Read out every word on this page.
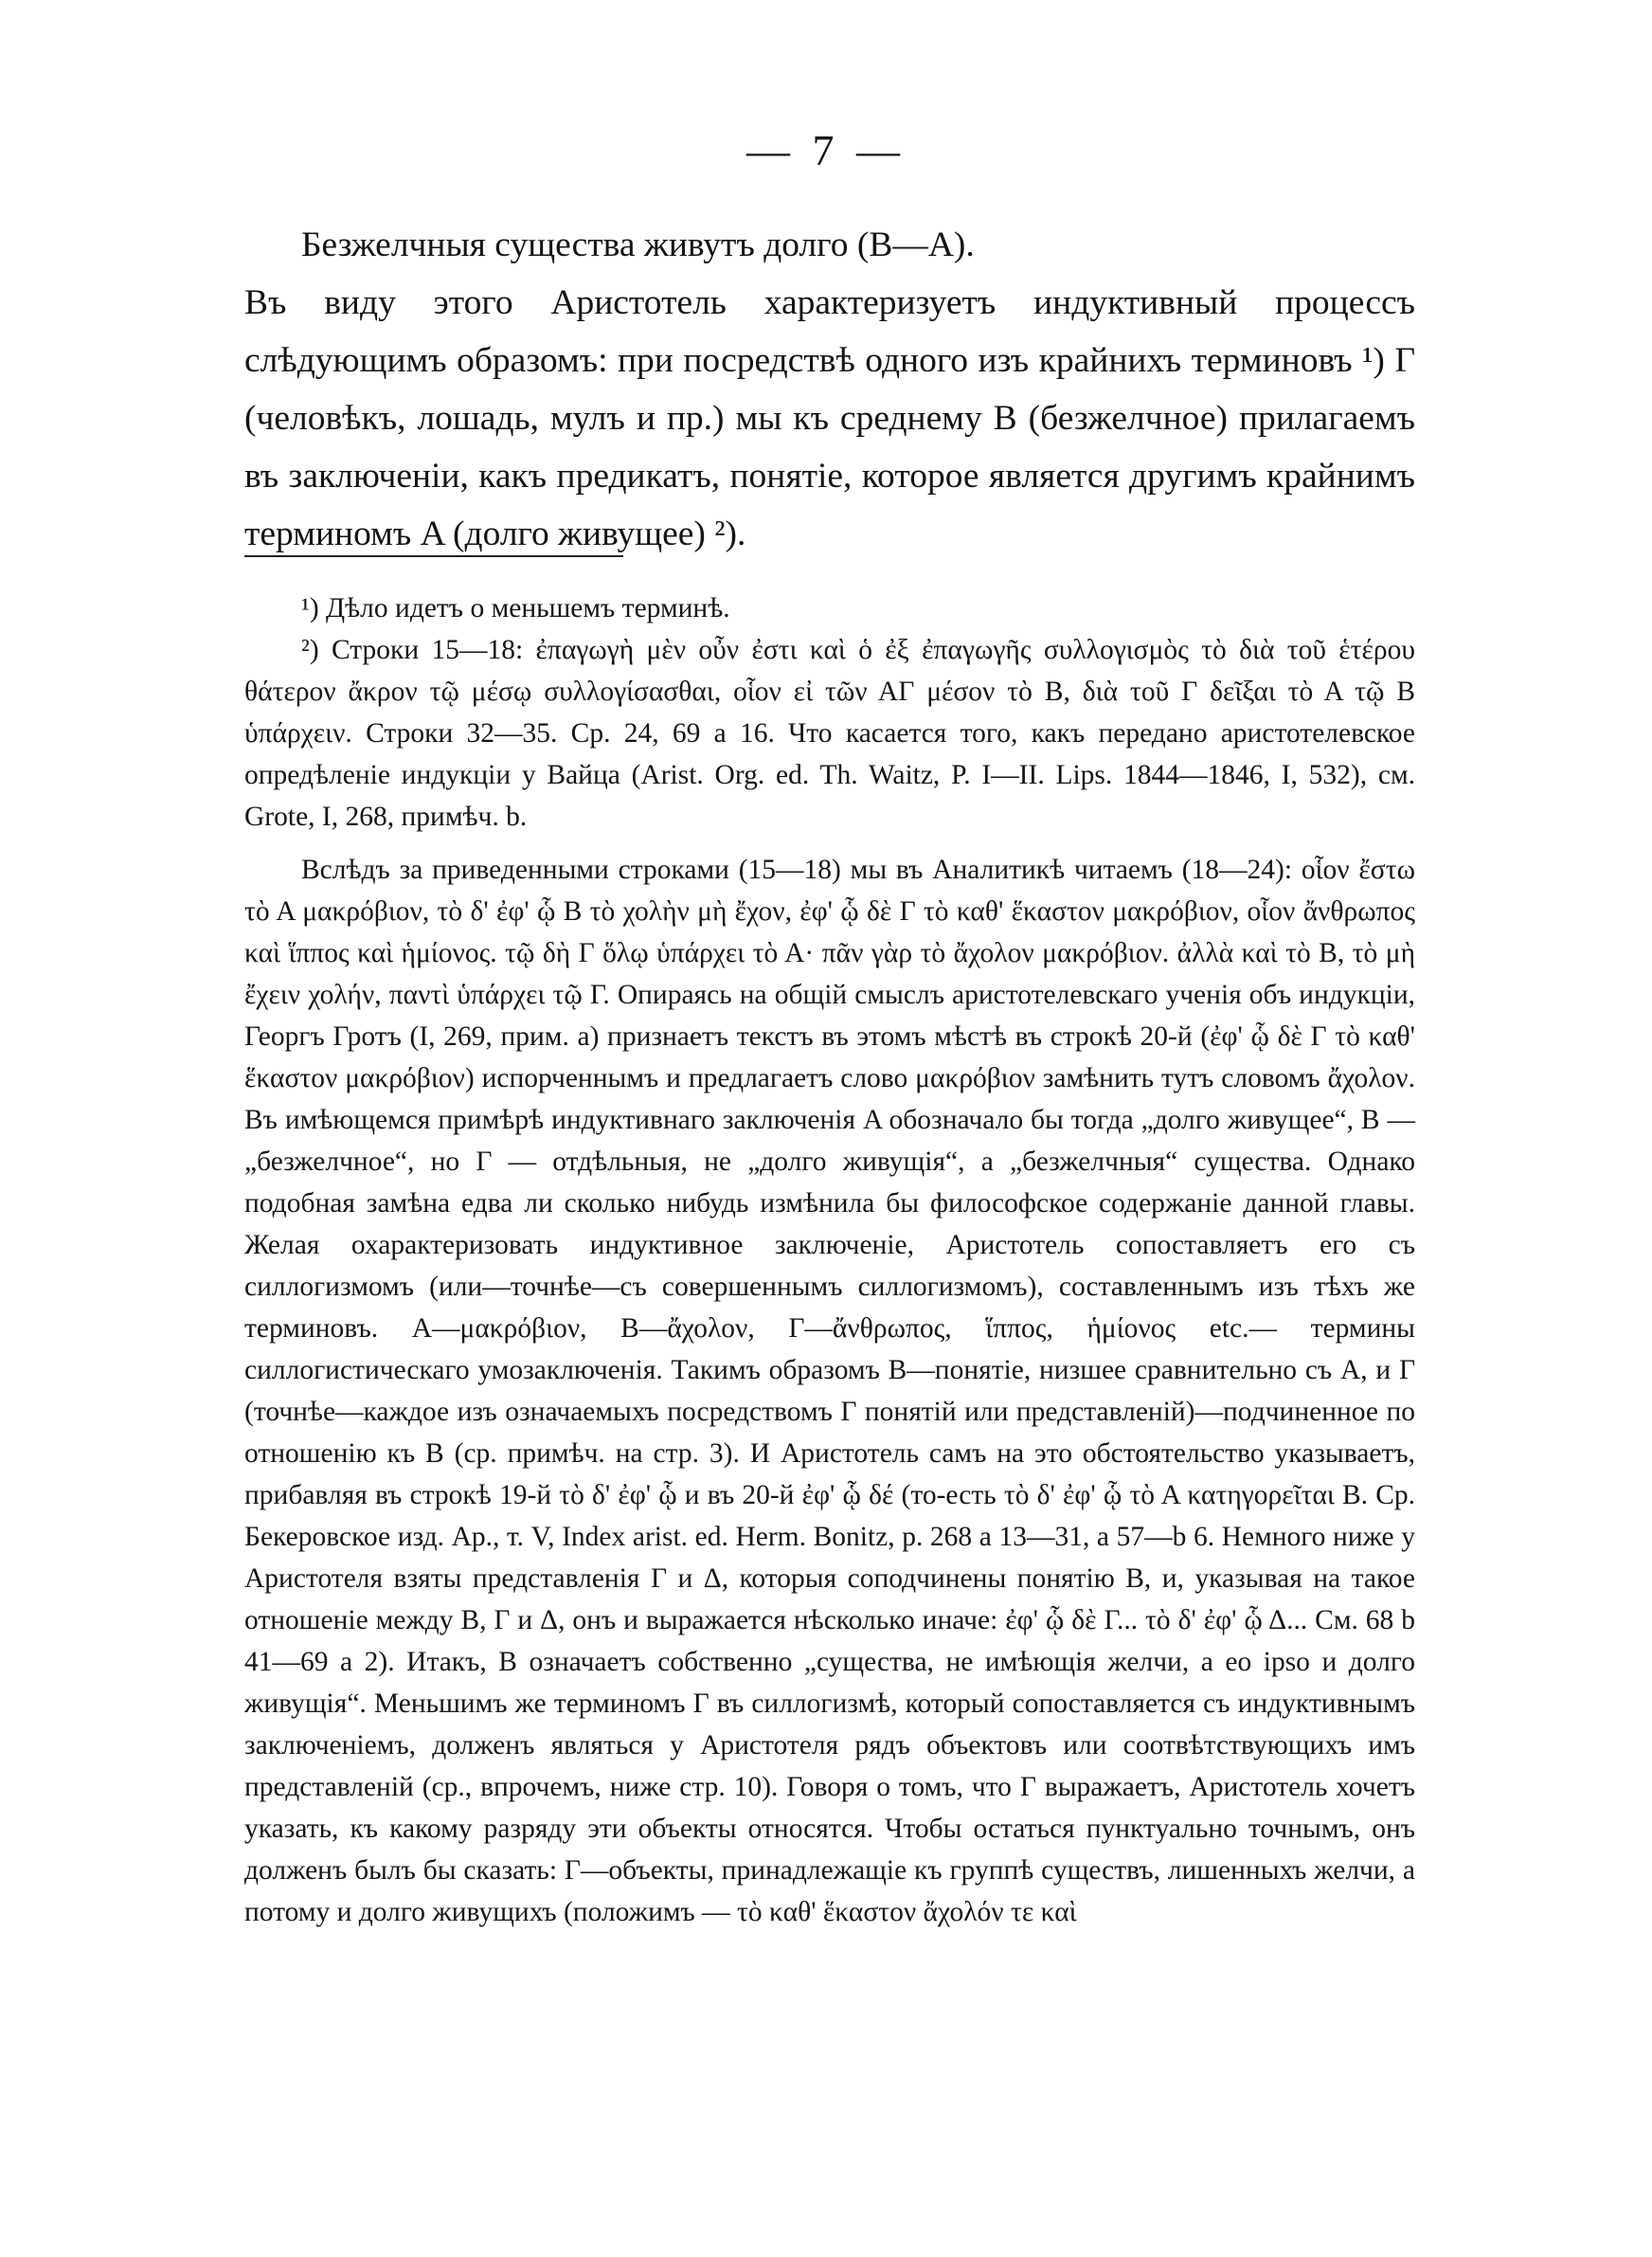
— 7 —

Безжелчныя существа живутъ долго (B—A).

Въ виду этого Аристотель характеризуетъ индуктивный процессъ слѣдующимъ образомъ: при посредствѣ одного изъ крайнихъ терминовъ ¹) Γ (человѣкъ, лошадь, мулъ и пр.) мы къ среднему B (безжелчное) прилагаемъ въ заключеніи, какъ предикатъ, понятіе, которое является другимъ крайнимъ терминомъ A (долго живущее) ²).

¹) Дѣло идетъ о меньшемъ терминѣ.

²) Строки 15—18: ἐπαγωγὴ μὲν οὖν ἐστι καὶ ὁ ἐξ ἐπαγωγῆς συλλογισμὸς τὸ διὰ τοῦ ἑτέρου θάτερον ἄκρον τῷ μέσῳ συλλογίσασθαι, οἷον εἰ τῶν ΑΓ μέσον τὸ Β, διὰ τοῦ Γ δεῖξαι τὸ Α τῷ Β ὑπάρχειν. Строки 32—35. Ср. 24, 69 а 16. Что касается того, какъ передано аристотелевское опредѣленіе индукціи у Вайца (Arist. Org. ed. Th. Waitz, P. I—II. Lips. 1844—1846, I, 532), см. Grote, I, 268, примѣч. b.

Вслѣдъ за приведенными строками (15—18) мы въ Аналитикѣ читаемъ (18—24): οἷον ἔστω τὸ Α μακρόβιον, τὸ δ' ἐφ' ᾧ Β τὸ χολὴν μὴ ἔχον, ἐφ' ᾧ δὲ Γ τὸ καθ' ἕκαστον μακρόβιον, οἷον ἄνθρωπος καὶ ἵππος καὶ ἡμίονος. τῷ δὴ Γ ὅλῳ ὑπάρχει τὸ Α· πᾶν γὰρ τὸ ἄχολον μακρόβιον. ἀλλὰ καὶ τὸ Β, τὸ μὴ ἔχειν χολήν, παντὶ ὑπάρχει τῷ Γ. Опираясь на общій смыслъ аристотелевскаго ученія объ индукціи, Георгъ Гротъ (I, 269, прим. а) признаетъ текстъ въ этомъ мѣстѣ въ строкѣ 20-й (ἐφ' ᾧ δὲ Γ τὸ καθ' ἕκαστον μακρόβιον) испорченнымъ и предлагаетъ слово μακρόβιον замѣнить тутъ словомъ ἄχολον. Въ имѣющемся примѣрѣ индуктивнаго заключенія A обозначало бы тогда „долго живущее“, B — „безжелчное“, но Γ — отдѣльныя, не „долго живущія“, а „безжелчныя“ существа. Однако подобная замѣна едва ли сколько нибудь измѣнила бы философское содержаніе данной главы. Желая охарактеризовать индуктивное заключеніе, Аристотель сопоставляетъ его съ силлогизмомъ (или—точнѣе—съ совершеннымъ силлогизмомъ), составленнымъ изъ тѣхъ же терминовъ. A—μακρόβιον, B—ἄχολον, Γ—ἄνθρωπος, ἵππος, ἡμίονος etc.— термины силлогистическаго умозаключенія. Такимъ образомъ B—понятіе, низшее сравнительно съ A, и Γ (точнѣе—каждое изъ означаемыхъ посредствомъ Γ понятій или представленій)—подчиненное по отношенію къ B (ср. примѣч. на стр. 3). И Аристотель самъ на это обстоятельство указываетъ, прибавляя въ строкѣ 19-й τὸ δ' ἐφ' ᾧ и въ 20-й ἐφ' ᾧ δέ (то-есть τὸ δ' ἐφ' ᾧ τὸ Α κατηγορεῖται Β. Ср. Бекеровское изд. Ар., т. V, Index arist. ed. Herm. Bonitz, p. 268 a 13—31, a 57—b 6. Немного ниже у Аристотеля взяты представленія Γ и Δ, которыя соподчинены понятію B, и, указывая на такое отношеніе между B, Γ и Δ, онъ и выражается нѣсколько иначе: ἐφ' ᾧ δὲ Γ... τὸ δ' ἐφ' ᾧ Δ... См. 68 b 41—69 a 2). Итакъ, B означаетъ собственно „существа, не имѣющія желчи, а eo ipso и долго живущія“. Меньшимъ же терминомъ Γ въ силлогизмѣ, который сопоставляется съ индуктивнымъ заключеніемъ, долженъ являться у Аристотеля рядъ объектовъ или соотвѣтствующихъ имъ представленій (ср., впрочемъ, ниже стр. 10). Говоря о томъ, что Γ выражаетъ, Аристотель хочетъ указать, къ какому разряду эти объекты относятся. Чтобы остаться пунктуально точнымъ, онъ долженъ былъ бы сказать: Γ—объекты, принадлежащіе къ группѣ существъ, лишенныхъ желчи, а потому и долго живущихъ (положимъ — τὸ καθ' ἕκαστον ἄχολόν τε καὶ
